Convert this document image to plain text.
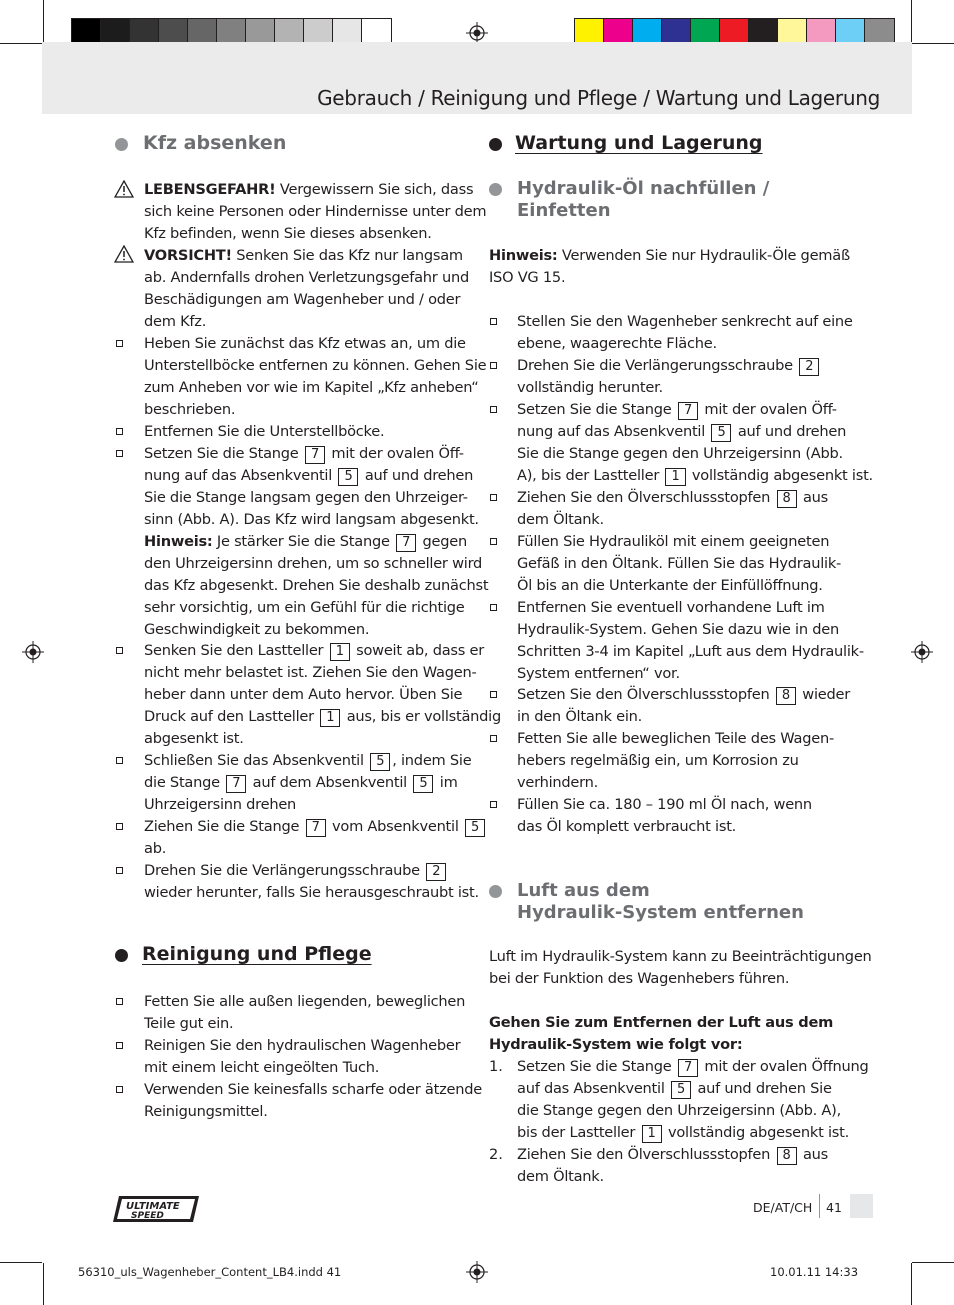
Gebrauch / Reinigung und Pflege / Wartung und Lagerung
Kfz absenken
LEBENSGEFAHR! Vergewissern Sie sich, dass
sich keine Personen oder Hindernisse unter dem
Kfz befinden, wenn Sie dieses absenken.
VORSICHT! Senken Sie das Kfz nur langsam
ab. Andernfalls drohen Verletzungsgefahr und
Beschädigungen am Wagenheber und / oder
dem Kfz.
Heben Sie zunächst das Kfz etwas an, um die
Unterstellböcke entfernen zu können. Gehen Sie
zum Anheben vor wie im Kapitel „Kfz anheben“
beschrieben.
Entfernen Sie die Unterstellböcke.
Setzen Sie die Stange 7 mit der ovalen Öff-
nung auf das Absenkventil 5 auf und drehen
Sie die Stange langsam gegen den Uhrzeiger-
sinn (Abb. A). Das Kfz wird langsam abgesenkt.
Hinweis: Je stärker Sie die Stange 7 gegen
den Uhrzeigersinn drehen, um so schneller wird
das Kfz abgesenkt. Drehen Sie deshalb zunächst
sehr vorsichtig, um ein Gefühl für die richtige
Geschwindigkeit zu bekommen.
Senken Sie den Lastteller 1 soweit ab, dass er
nicht mehr belastet ist. Ziehen Sie den Wagen-
heber dann unter dem Auto hervor. Üben Sie
Druck auf den Lastteller 1 aus, bis er vollständig
abgesenkt ist.
Schließen Sie das Absenkventil 5 , indem Sie
die Stange 7 auf dem Absenkventil 5 im
Uhrzeigersinn drehen
Ziehen Sie die Stange 7 vom Absenkventil 5
ab.
Drehen Sie die Verlängerungsschraube 2
wieder herunter, falls Sie herausgeschraubt ist.
Reinigung und Pflege
Fetten Sie alle außen liegenden, beweglichen
Teile gut ein.
Reinigen Sie den hydraulischen Wagenheber
mit einem leicht eingeölten Tuch.
Verwenden Sie keinesfalls scharfe oder ätzende
Reinigungsmittel.
Wartung und Lagerung
Hydraulik-Öl nachfüllen /
Einfetten
Hinweis: Verwenden Sie nur Hydraulik-Öle gemäß
ISO VG 15.
Stellen Sie den Wagenheber senkrecht auf eine
ebene, waagerechte Fläche.
Drehen Sie die Verlängerungsschraube 2
vollständig herunter.
Setzen Sie die Stange 7 mit der ovalen Öff-
nung auf das Absenkventil 5 auf und drehen
Sie die Stange gegen den Uhrzeigersinn (Abb.
A), bis der Lastteller 1 vollständig abgesenkt ist.
Ziehen Sie den Ölverschlussstopfen 8 aus
dem Öltank.
Füllen Sie Hydrauliköl mit einem geeigneten
Gefäß in den Öltank. Füllen Sie das Hydraulik-
Öl bis an die Unterkante der Einfüllöffnung.
Entfernen Sie eventuell vorhandene Luft im
Hydraulik-System. Gehen Sie dazu wie in den
Schritten 3-4 im Kapitel „Luft aus dem Hydraulik-
System entfernen“ vor.
Setzen Sie den Ölverschlussstopfen 8 wieder
in den Öltank ein.
Fetten Sie alle beweglichen Teile des Wagen-
hebers regelmäßig ein, um Korrosion zu
verhindern.
Füllen Sie ca. 180 – 190 ml Öl nach, wenn
das Öl komplett verbraucht ist.
Luft aus dem
Hydraulik-System entfernen
Luft im Hydraulik-System kann zu Beeinträchtigungen
bei der Funktion des Wagenhebers führen.
Gehen Sie zum Entfernen der Luft aus dem
Hydraulik-System wie folgt vor:
1. Setzen Sie die Stange 7 mit der ovalen Öffnung
auf das Absenkventil 5 auf und drehen Sie
die Stange gegen den Uhrzeigersinn (Abb. A),
bis der Lastteller 1 vollständig abgesenkt ist.
2. Ziehen Sie den Ölverschlussstopfen 8 aus
dem Öltank.
ULTIMATE
SPEED
DE/AT/CH 41
56310_uls_Wagenheber_Content_LB4.indd 41	10.01.11 14:33
